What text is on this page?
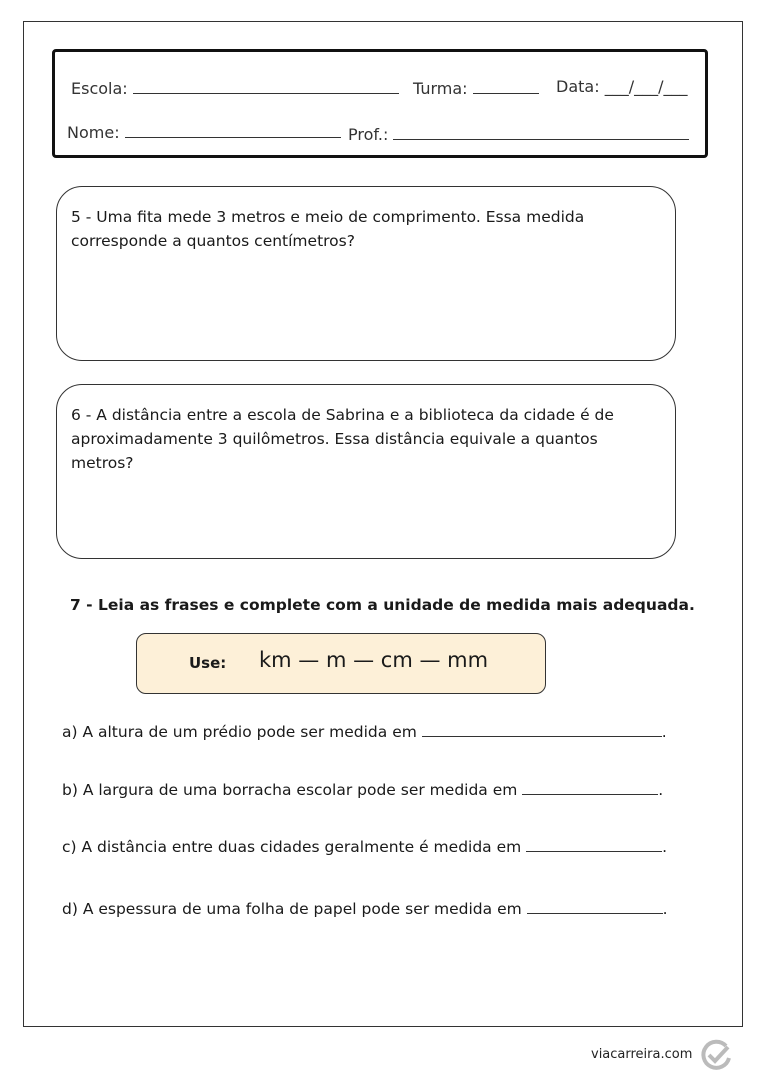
Escola:	Turma:	Data: ___/___/___
Nome:	Prof.:
5 - Uma fita mede 3 metros e meio de comprimento. Essa medida corresponde a quantos centímetros?
6 - A distância entre a escola de Sabrina e a biblioteca da cidade é de aproximadamente 3 quilômetros. Essa distância equivale a quantos metros?
7 - Leia as frases e complete com a unidade de medida mais adequada.
Use: km — m — cm — mm
a) A altura de um prédio pode ser medida em	.
b) A largura de uma borracha escolar pode ser medida em	.
c) A distância entre duas cidades geralmente é medida em	.
d) A espessura de uma folha de papel pode ser medida em	.
viacarreira.com
